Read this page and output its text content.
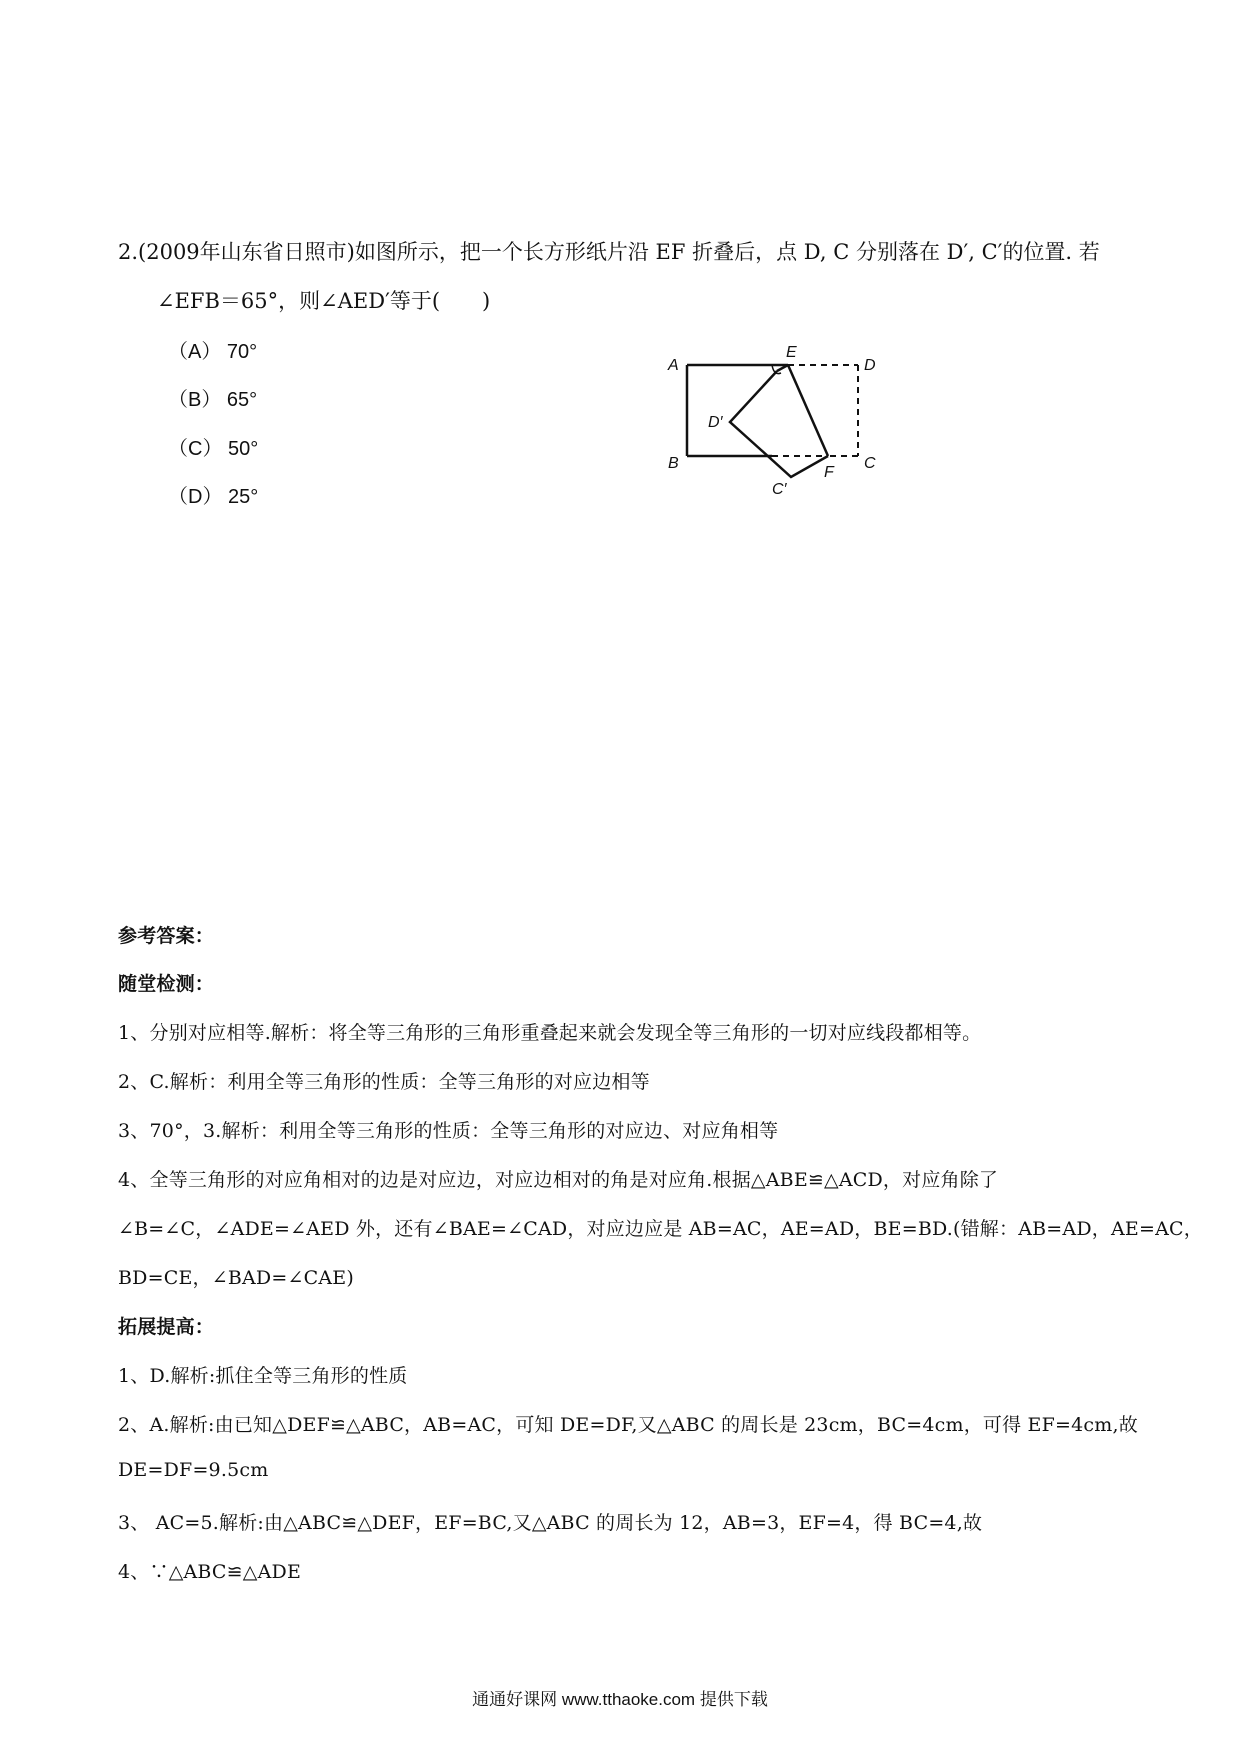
2.(2009年山东省日照市)如图所示，把一个长方形纸片沿 EF 折叠后，点 D, C 分别落在 D′, C′的位置. 若
∠EFB＝65°，则∠AED′等于(　　)
（A） 70°
（B） 65°
（C） 50°
（D） 25°
A
B
E
D
D′
C
F
C′
参考答案：
随堂检测：
1、分别对应相等.解析：将全等三角形的三角形重叠起来就会发现全等三角形的一切对应线段都相等。
2、C.解析：利用全等三角形的性质：全等三角形的对应边相等
3、70°，3.解析：利用全等三角形的性质：全等三角形的对应边、对应角相等
4、全等三角形的对应角相对的边是对应边，对应边相对的角是对应角.根据△ABE≌△ACD，对应角除了
∠B=∠C，∠ADE=∠AED 外，还有∠BAE=∠CAD，对应边应是 AB=AC，AE=AD，BE=BD.(错解：AB=AD，AE=AC，
BD=CE，∠BAD=∠CAE)
拓展提高：
1、D.解析:抓住全等三角形的性质
2、A.解析:由已知△DEF≌△ABC，AB=AC，可知 DE=DF,又△ABC 的周长是 23cm，BC=4cm，可得 EF=4cm,故
DE=DF=9.5cm
3、 AC=5.解析:由△ABC≌△DEF，EF=BC,又△ABC 的周长为 12，AB=3，EF=4，得 BC=4,故
4、∵△ABC≌△ADE
通通好课网 www.tthaoke.com 提供下载
